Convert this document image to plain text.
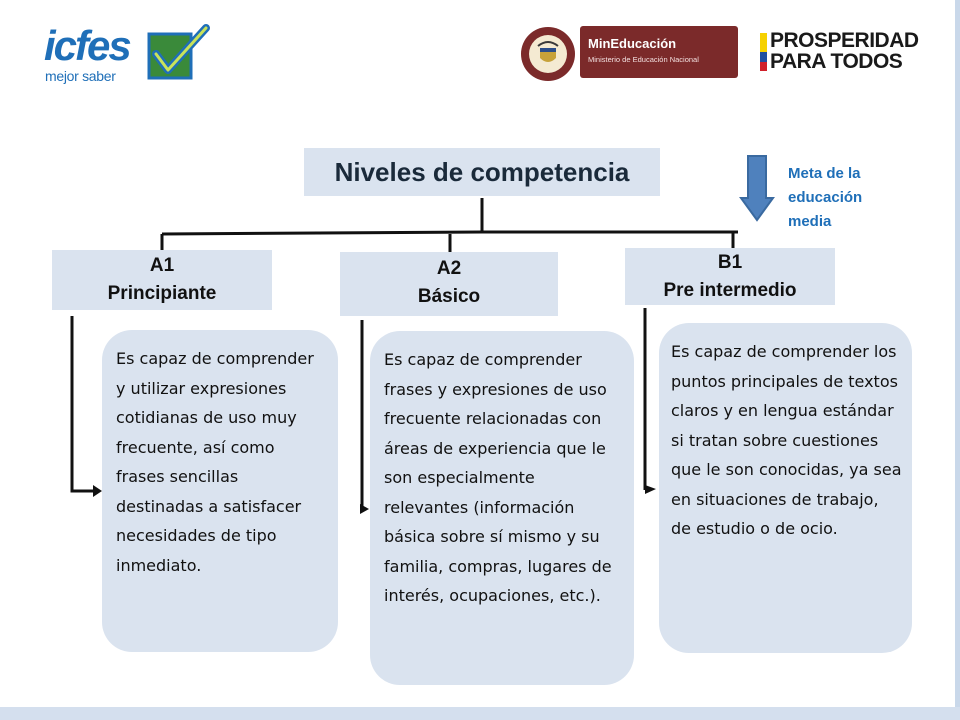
icfes
mejor saber
MinEducación
Ministerio de Educación Nacional
PROSPERIDAD
PARA TODOS
Niveles de competencia	Meta de la educación media
A1
Principiante
A2
Básico
B1
Pre intermedio
Es capaz de comprender y utilizar expresiones cotidianas de uso muy frecuente, así como frases sencillas destinadas a satisfacer necesidades de tipo inmediato.
Es capaz de comprender frases y expresiones de uso frecuente relacionadas con áreas de experiencia que le son especialmente relevantes (información básica sobre sí mismo y su familia, compras, lugares de interés, ocupaciones, etc.).
Es capaz de comprender los puntos principales de textos claros y en lengua estándar si tratan sobre cuestiones que le son conocidas, ya sea en situaciones de trabajo, de estudio o de ocio.
